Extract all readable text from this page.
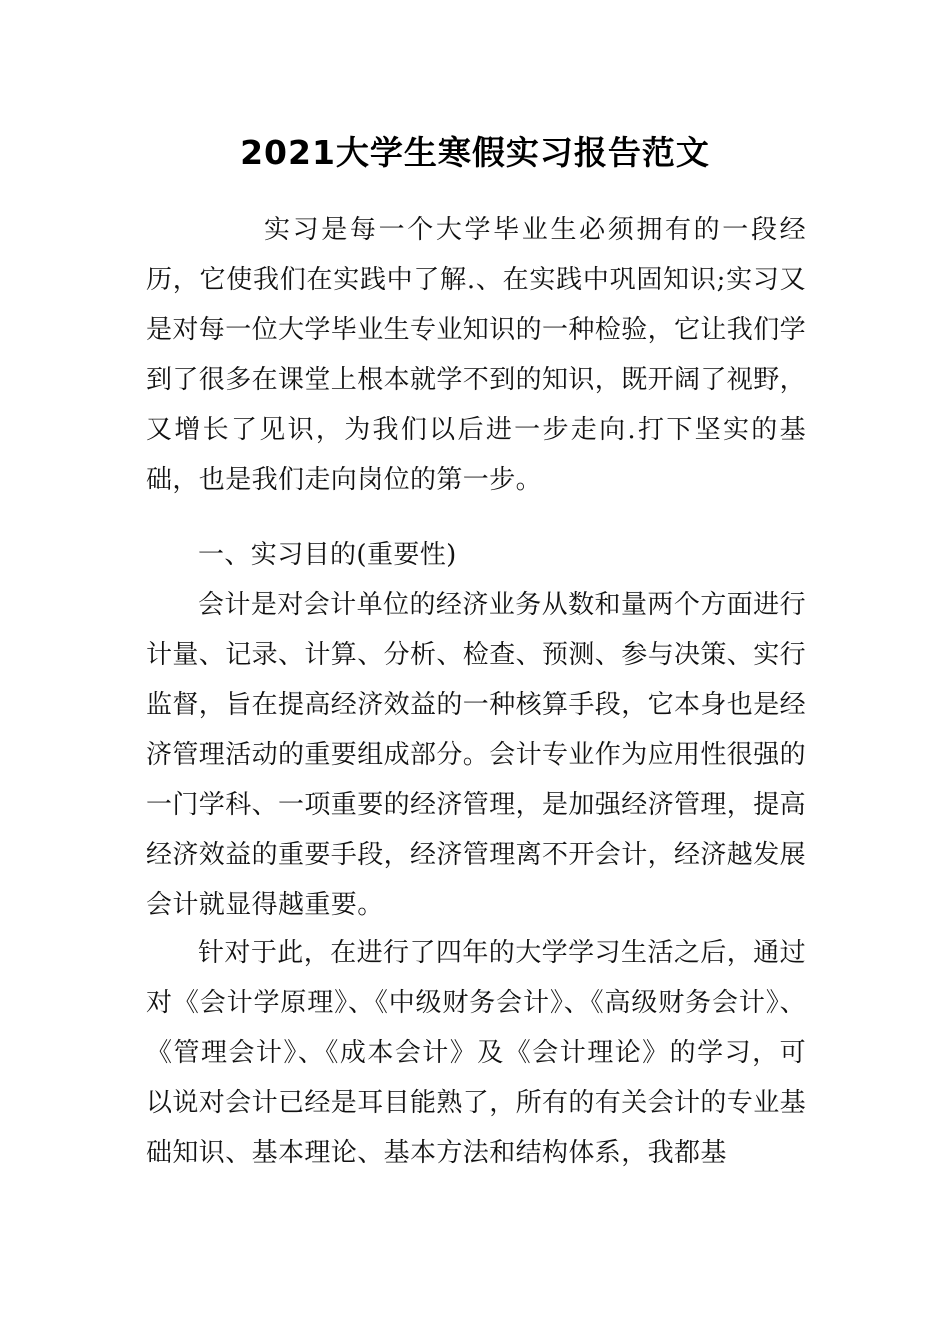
2021大学生寒假实习报告范文

实习是每一个大学毕业生必须拥有的一段经历，它使我们在实践中了解.、在实践中巩固知识;实习又是对每一位大学毕业生专业知识的一种检验，它让我们学到了很多在课堂上根本就学不到的知识，既开阔了视野，又增长了见识，为我们以后进一步走向.打下坚实的基础，也是我们走向岗位的第一步。

一、实习目的(重要性)

会计是对会计单位的经济业务从数和量两个方面进行计量、记录、计算、分析、检查、预测、参与决策、实行监督，旨在提高经济效益的一种核算手段，它本身也是经济管理活动的重要组成部分。会计专业作为应用性很强的一门学科、一项重要的经济管理，是加强经济管理，提高经济效益的重要手段，经济管理离不开会计，经济越发展会计就显得越重要。

针对于此，在进行了四年的大学学习生活之后，通过对《会计学原理》、《中级财务会计》、《高级财务会计》、《管理会计》、《成本会计》及《会计理论》的学习，可以说对会计已经是耳目能熟了，所有的有关会计的专业基础知识、基本理论、基本方法和结构体系，我都基
